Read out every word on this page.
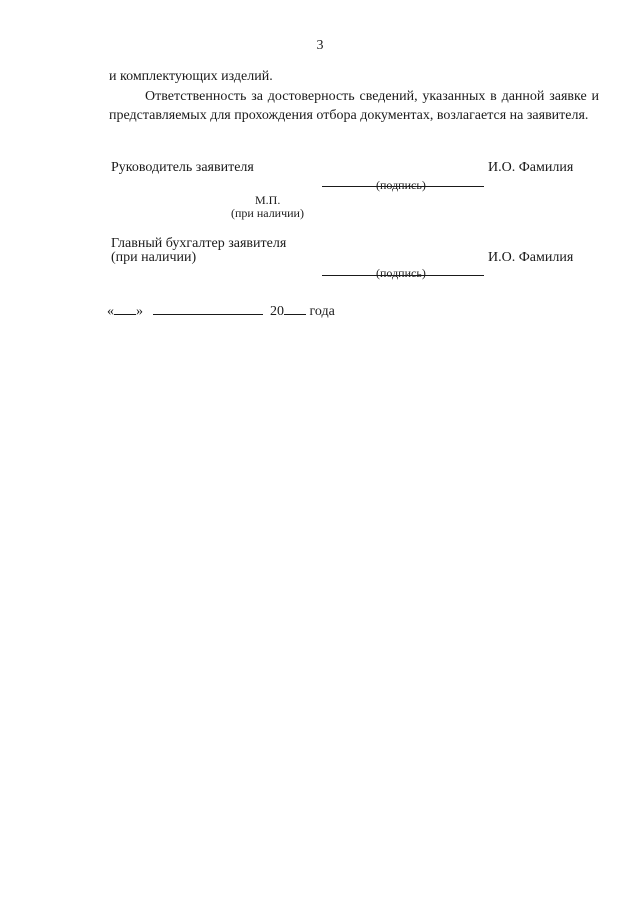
3
и комплектующих изделий.
Ответственность за достоверность сведений, указанных в данной заявке и представляемых для прохождения отбора документах, возлагается на заявителя.
Руководитель заявителя	И.О. Фамилия
(подпись)
М.П.
(при наличии)
Главный бухгалтер заявителя
(при наличии)	И.О. Фамилия
(подпись)
« »	20 года
